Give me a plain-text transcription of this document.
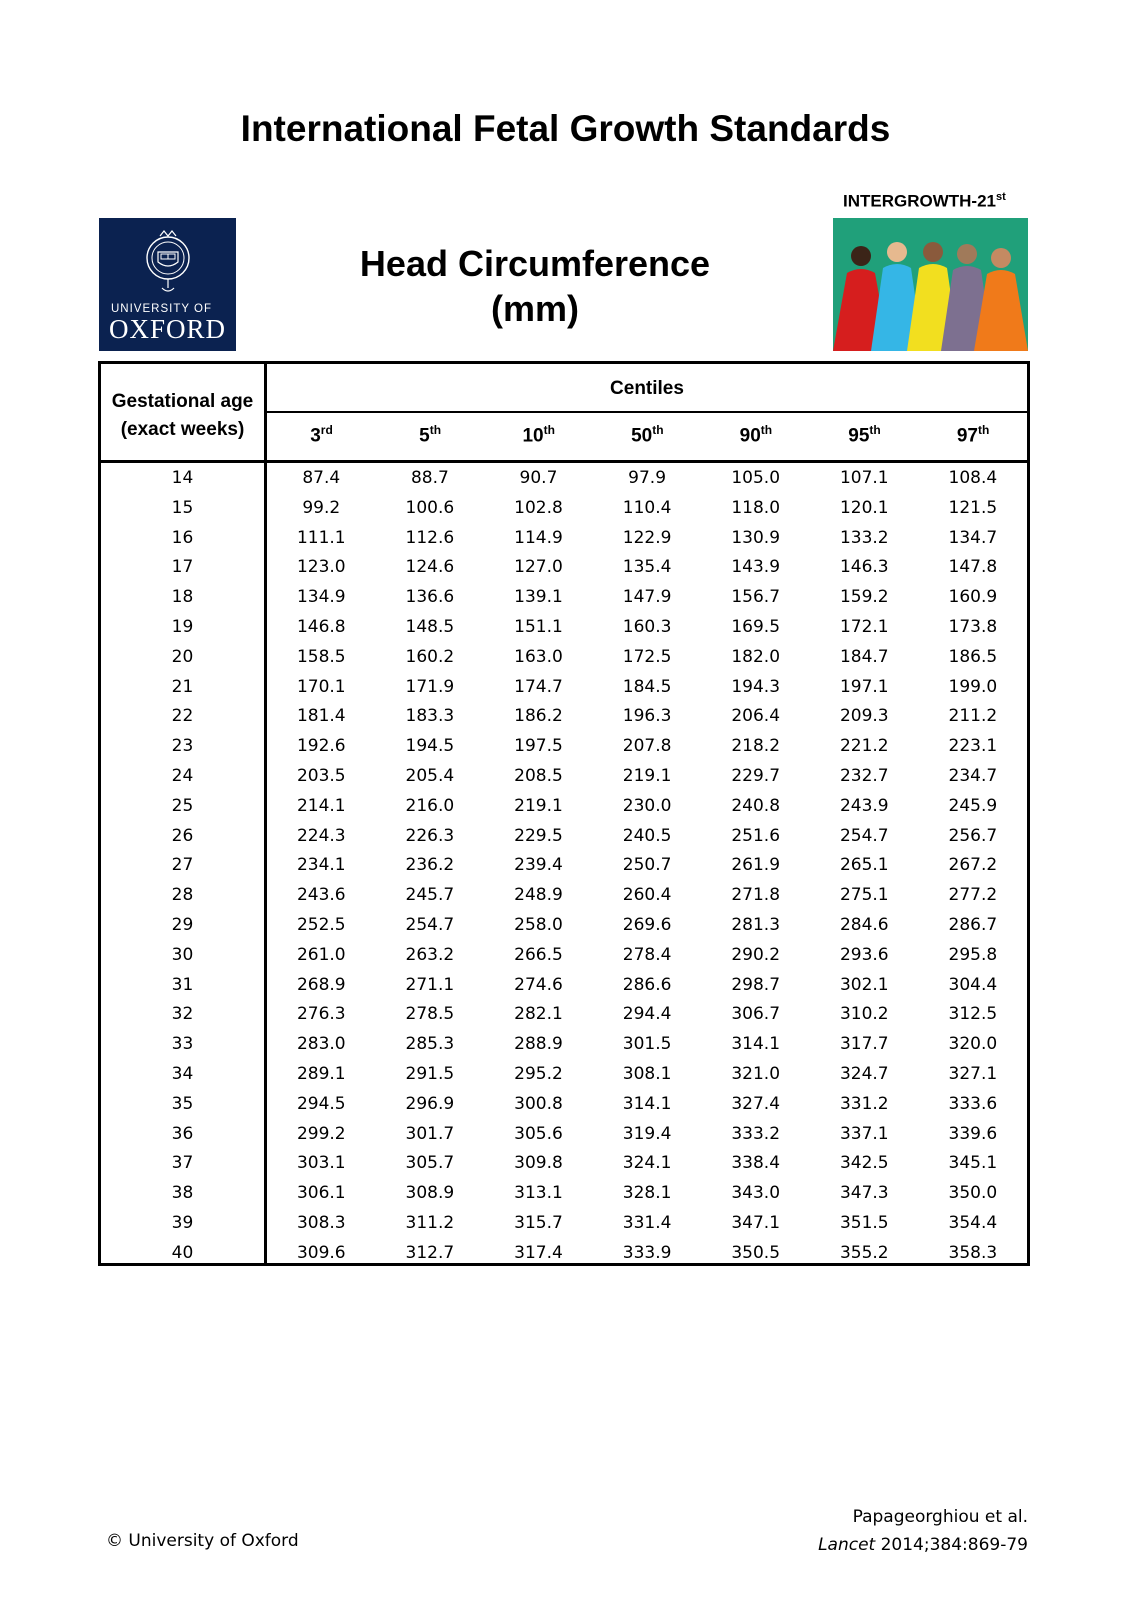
International Fetal Growth Standards
UNIVERSITY OF
OXFORD
Head Circumference
(mm)
INTERGROWTH-21st
Gestational age
(exact weeks)
Centiles
3rd	5th	10th	50th	90th	95th	97th
14	87.4	88.7	90.7	97.9	105.0	107.1	108.4
15	99.2	100.6	102.8	110.4	118.0	120.1	121.5
16	111.1	112.6	114.9	122.9	130.9	133.2	134.7
17	123.0	124.6	127.0	135.4	143.9	146.3	147.8
18	134.9	136.6	139.1	147.9	156.7	159.2	160.9
19	146.8	148.5	151.1	160.3	169.5	172.1	173.8
20	158.5	160.2	163.0	172.5	182.0	184.7	186.5
21	170.1	171.9	174.7	184.5	194.3	197.1	199.0
22	181.4	183.3	186.2	196.3	206.4	209.3	211.2
23	192.6	194.5	197.5	207.8	218.2	221.2	223.1
24	203.5	205.4	208.5	219.1	229.7	232.7	234.7
25	214.1	216.0	219.1	230.0	240.8	243.9	245.9
26	224.3	226.3	229.5	240.5	251.6	254.7	256.7
27	234.1	236.2	239.4	250.7	261.9	265.1	267.2
28	243.6	245.7	248.9	260.4	271.8	275.1	277.2
29	252.5	254.7	258.0	269.6	281.3	284.6	286.7
30	261.0	263.2	266.5	278.4	290.2	293.6	295.8
31	268.9	271.1	274.6	286.6	298.7	302.1	304.4
32	276.3	278.5	282.1	294.4	306.7	310.2	312.5
33	283.0	285.3	288.9	301.5	314.1	317.7	320.0
34	289.1	291.5	295.2	308.1	321.0	324.7	327.1
35	294.5	296.9	300.8	314.1	327.4	331.2	333.6
36	299.2	301.7	305.6	319.4	333.2	337.1	339.6
37	303.1	305.7	309.8	324.1	338.4	342.5	345.1
38	306.1	308.9	313.1	328.1	343.0	347.3	350.0
39	308.3	311.2	315.7	331.4	347.1	351.5	354.4
40	309.6	312.7	317.4	333.9	350.5	355.2	358.3
© University of Oxford
Papageorghiou et al.
Lancet 2014;384:869-79
